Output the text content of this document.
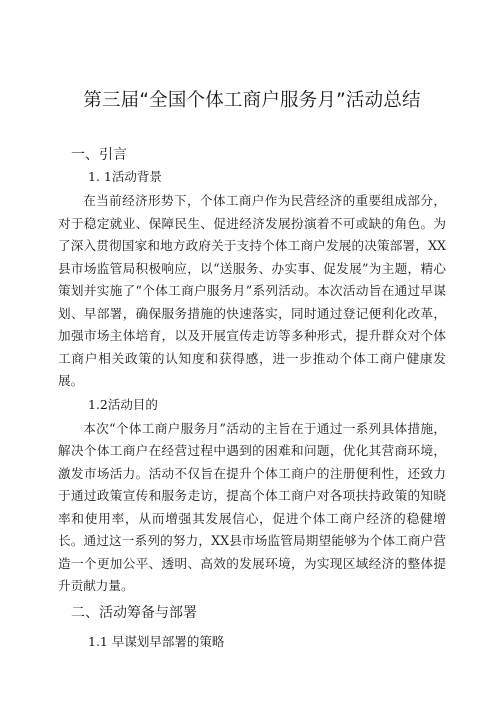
第三届“全国个体工商户服务月”活动总结
一、引言
1. 1活动背景

在当前经济形势下，个体工商户作为民营经济的重要组成部分，对于稳定就业、保障民生、促进经济发展扮演着不可或缺的角色。为了深入贯彻国家和地方政府关于支持个体工商户发展的决策部署，XX县市场监管局积极响应，以“送服务、办实事、促发展”为主题，精心策划并实施了“个体工商户服务月”系列活动。本次活动旨在通过早谋划、早部署，确保服务措施的快速落实，同时通过登记便利化改革，加强市场主体培育，以及开展宣传走访等多种形式，提升群众对个体工商户相关政策的认知度和获得感，进一步推动个体工商户健康发展。

1.2活动目的

本次“个体工商户服务月”活动的主旨在于通过一系列具体措施，解决个体工商户在经营过程中遇到的困难和问题，优化其营商环境，激发市场活力。活动不仅旨在提升个体工商户的注册便利性，还致力于通过政策宣传和服务走访，提高个体工商户对各项扶持政策的知晓率和使用率，从而增强其发展信心，促进个体工商户经济的稳健增长。通过这一系列的努力，XX县市场监管局期望能够为个体工商户营造一个更加公平、透明、高效的发展环境，为实现区域经济的整体提升贡献力量。

二、活动筹备与部署
1.1 早谋划早部署的策略
